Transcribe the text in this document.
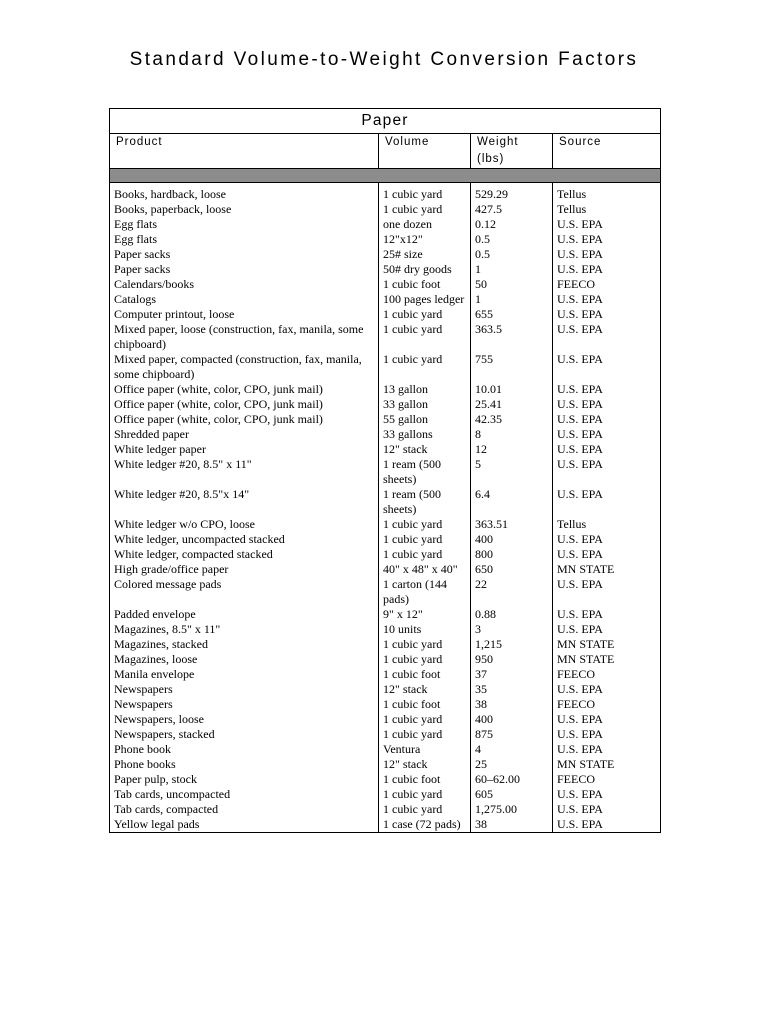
Standard Volume-to-Weight Conversion Factors
Paper			
Product	Volume	Weight (lbs)	Source

Books, hardback, loose	1 cubic yard	529.29	Tellus
Books, paperback, loose	1 cubic yard	427.5	Tellus
Egg flats	one dozen	0.12	U.S. EPA
Egg flats	12"x12"	0.5	U.S. EPA
Paper sacks	25# size	0.5	U.S. EPA
Paper sacks	50# dry goods	1	U.S. EPA
Calendars/books	1 cubic foot	50	FEECO
Catalogs	100 pages ledger	1	U.S. EPA
Computer printout, loose	1 cubic yard	655	U.S. EPA
Mixed paper, loose (construction, fax, manila, some chipboard)	1 cubic yard	363.5	U.S. EPA
Mixed paper, compacted (construction, fax, manila, some chipboard)	1 cubic yard	755	U.S. EPA
Office paper (white, color, CPO, junk mail)	13 gallon	10.01	U.S. EPA
Office paper (white, color, CPO, junk mail)	33 gallon	25.41	U.S. EPA
Office paper (white, color, CPO, junk mail)	55 gallon	42.35	U.S. EPA
Shredded paper	33 gallons	8	U.S. EPA
White ledger paper	12" stack	12	U.S. EPA
White ledger #20, 8.5" x 11"	1 ream (500 sheets)	5	U.S. EPA
White ledger #20, 8.5"x 14"	1 ream (500 sheets)	6.4	U.S. EPA
White ledger w/o CPO, loose	1 cubic yard	363.51	Tellus
White ledger, uncompacted stacked	1 cubic yard	400	U.S. EPA
White ledger, compacted stacked	1 cubic yard	800	U.S. EPA
High grade/office paper	40" x 48" x 40"	650	MN STATE
Colored message pads	1 carton (144 pads)	22	U.S. EPA
Padded envelope	9" x 12"	0.88	U.S. EPA
Magazines, 8.5" x 11"	10 units	3	U.S. EPA
Magazines, stacked	1 cubic yard	1,215	MN STATE
Magazines, loose	1 cubic yard	950	MN STATE
Manila envelope	1 cubic foot	37	FEECO
Newspapers	12" stack	35	U.S. EPA
Newspapers	1 cubic foot	38	FEECO
Newspapers, loose	1 cubic yard	400	U.S. EPA
Newspapers, stacked	1 cubic yard	875	U.S. EPA
Phone book	Ventura	4	U.S. EPA
Phone books	12" stack	25	MN STATE
Paper pulp, stock	1 cubic foot	60–62.00	FEECO
Tab cards, uncompacted	1 cubic yard	605	U.S. EPA
Tab cards, compacted	1 cubic yard	1,275.00	U.S. EPA
Yellow legal pads	1 case (72 pads)	38	U.S. EPA
